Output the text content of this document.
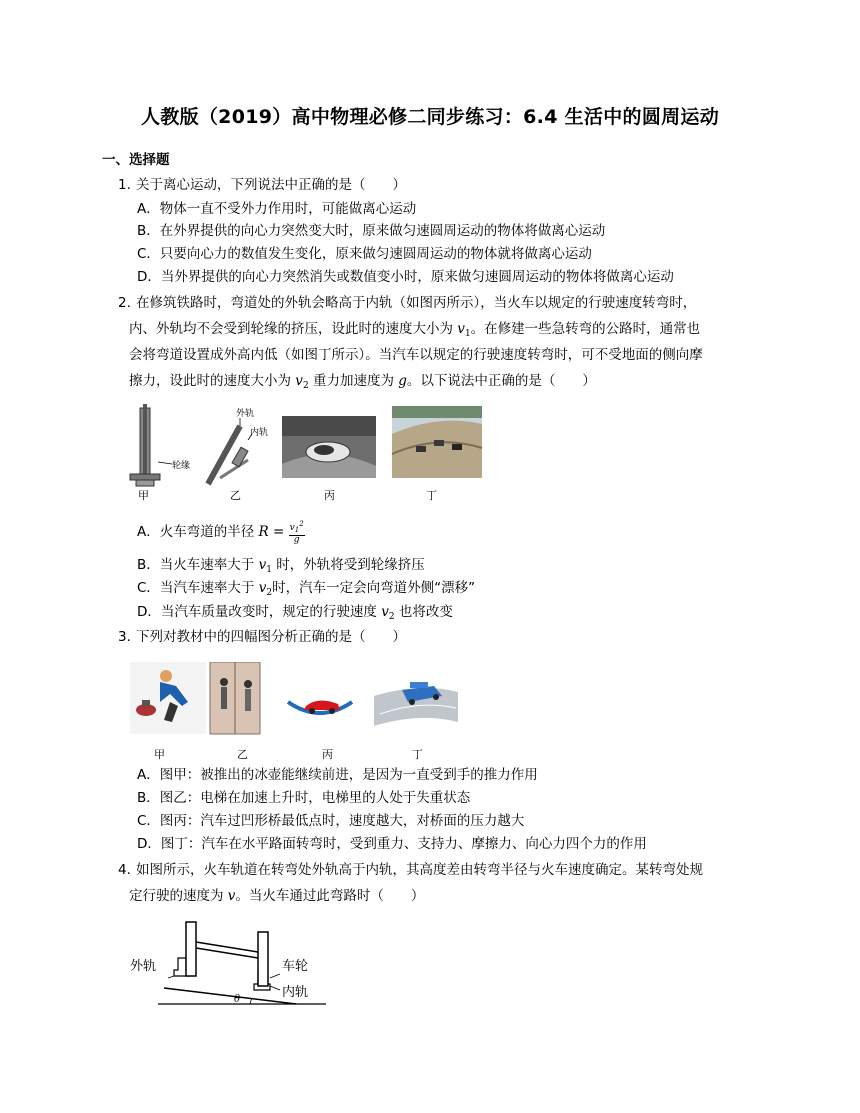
人教版（2019）高中物理必修二同步练习：6.4 生活中的圆周运动
一、选择题
1. 关于离心运动，下列说法中正确的是（　　）
A．物体一直不受外力作用时，可能做离心运动
B．在外界提供的向心力突然变大时，原来做匀速圆周运动的物体将做离心运动
C．只要向心力的数值发生变化，原来做匀速圆周运动的物体就将做离心运动
D．当外界提供的向心力突然消失或数值变小时，原来做匀速圆周运动的物体将做离心运动
2. 在修筑铁路时，弯道处的外轨会略高于内轨（如图丙所示），当火车以规定的行驶速度转弯时，
内、外轨均不会受到轮缘的挤压，设此时的速度大小为 $v_1$。在修建一些急转弯的公路时，通常也
会将弯道设置成外高内低（如图丁所示）。当汽车以规定的行驶速度转弯时，可不受地面的侧向摩
擦力，设此时的速度大小为 $v_2$ 重力加速度为 g。以下说法中正确的是（　　）
轮缘
外轨
内轨
甲	乙	丙	丁
A．火车弯道的半径 $R = \frac{v_1^2}{g}$
B．当火车速率大于 $v_1$ 时，外轨将受到轮缘挤压
C．当汽车速率大于 $v_2$时，汽车一定会向弯道外侧“漂移”
D．当汽车质量改变时，规定的行驶速度 $v_2$ 也将改变
3. 下列对教材中的四幅图分析正确的是（　　）
甲	乙	丙	丁
A．图甲：被推出的冰壶能继续前进，是因为一直受到手的推力作用
B．图乙：电梯在加速上升时，电梯里的人处于失重状态
C．图丙：汽车过凹形桥最低点时，速度越大，对桥面的压力越大
D．图丁：汽车在水平路面转弯时，受到重力、支持力、摩擦力、向心力四个力的作用
4. 如图所示，火车轨道在转弯处外轨高于内轨，其高度差由转弯半径与火车速度确定。某转弯处规
定行驶的速度为 v。当火车通过此弯路时（　　）
外轨	车轮
内轨
θ
